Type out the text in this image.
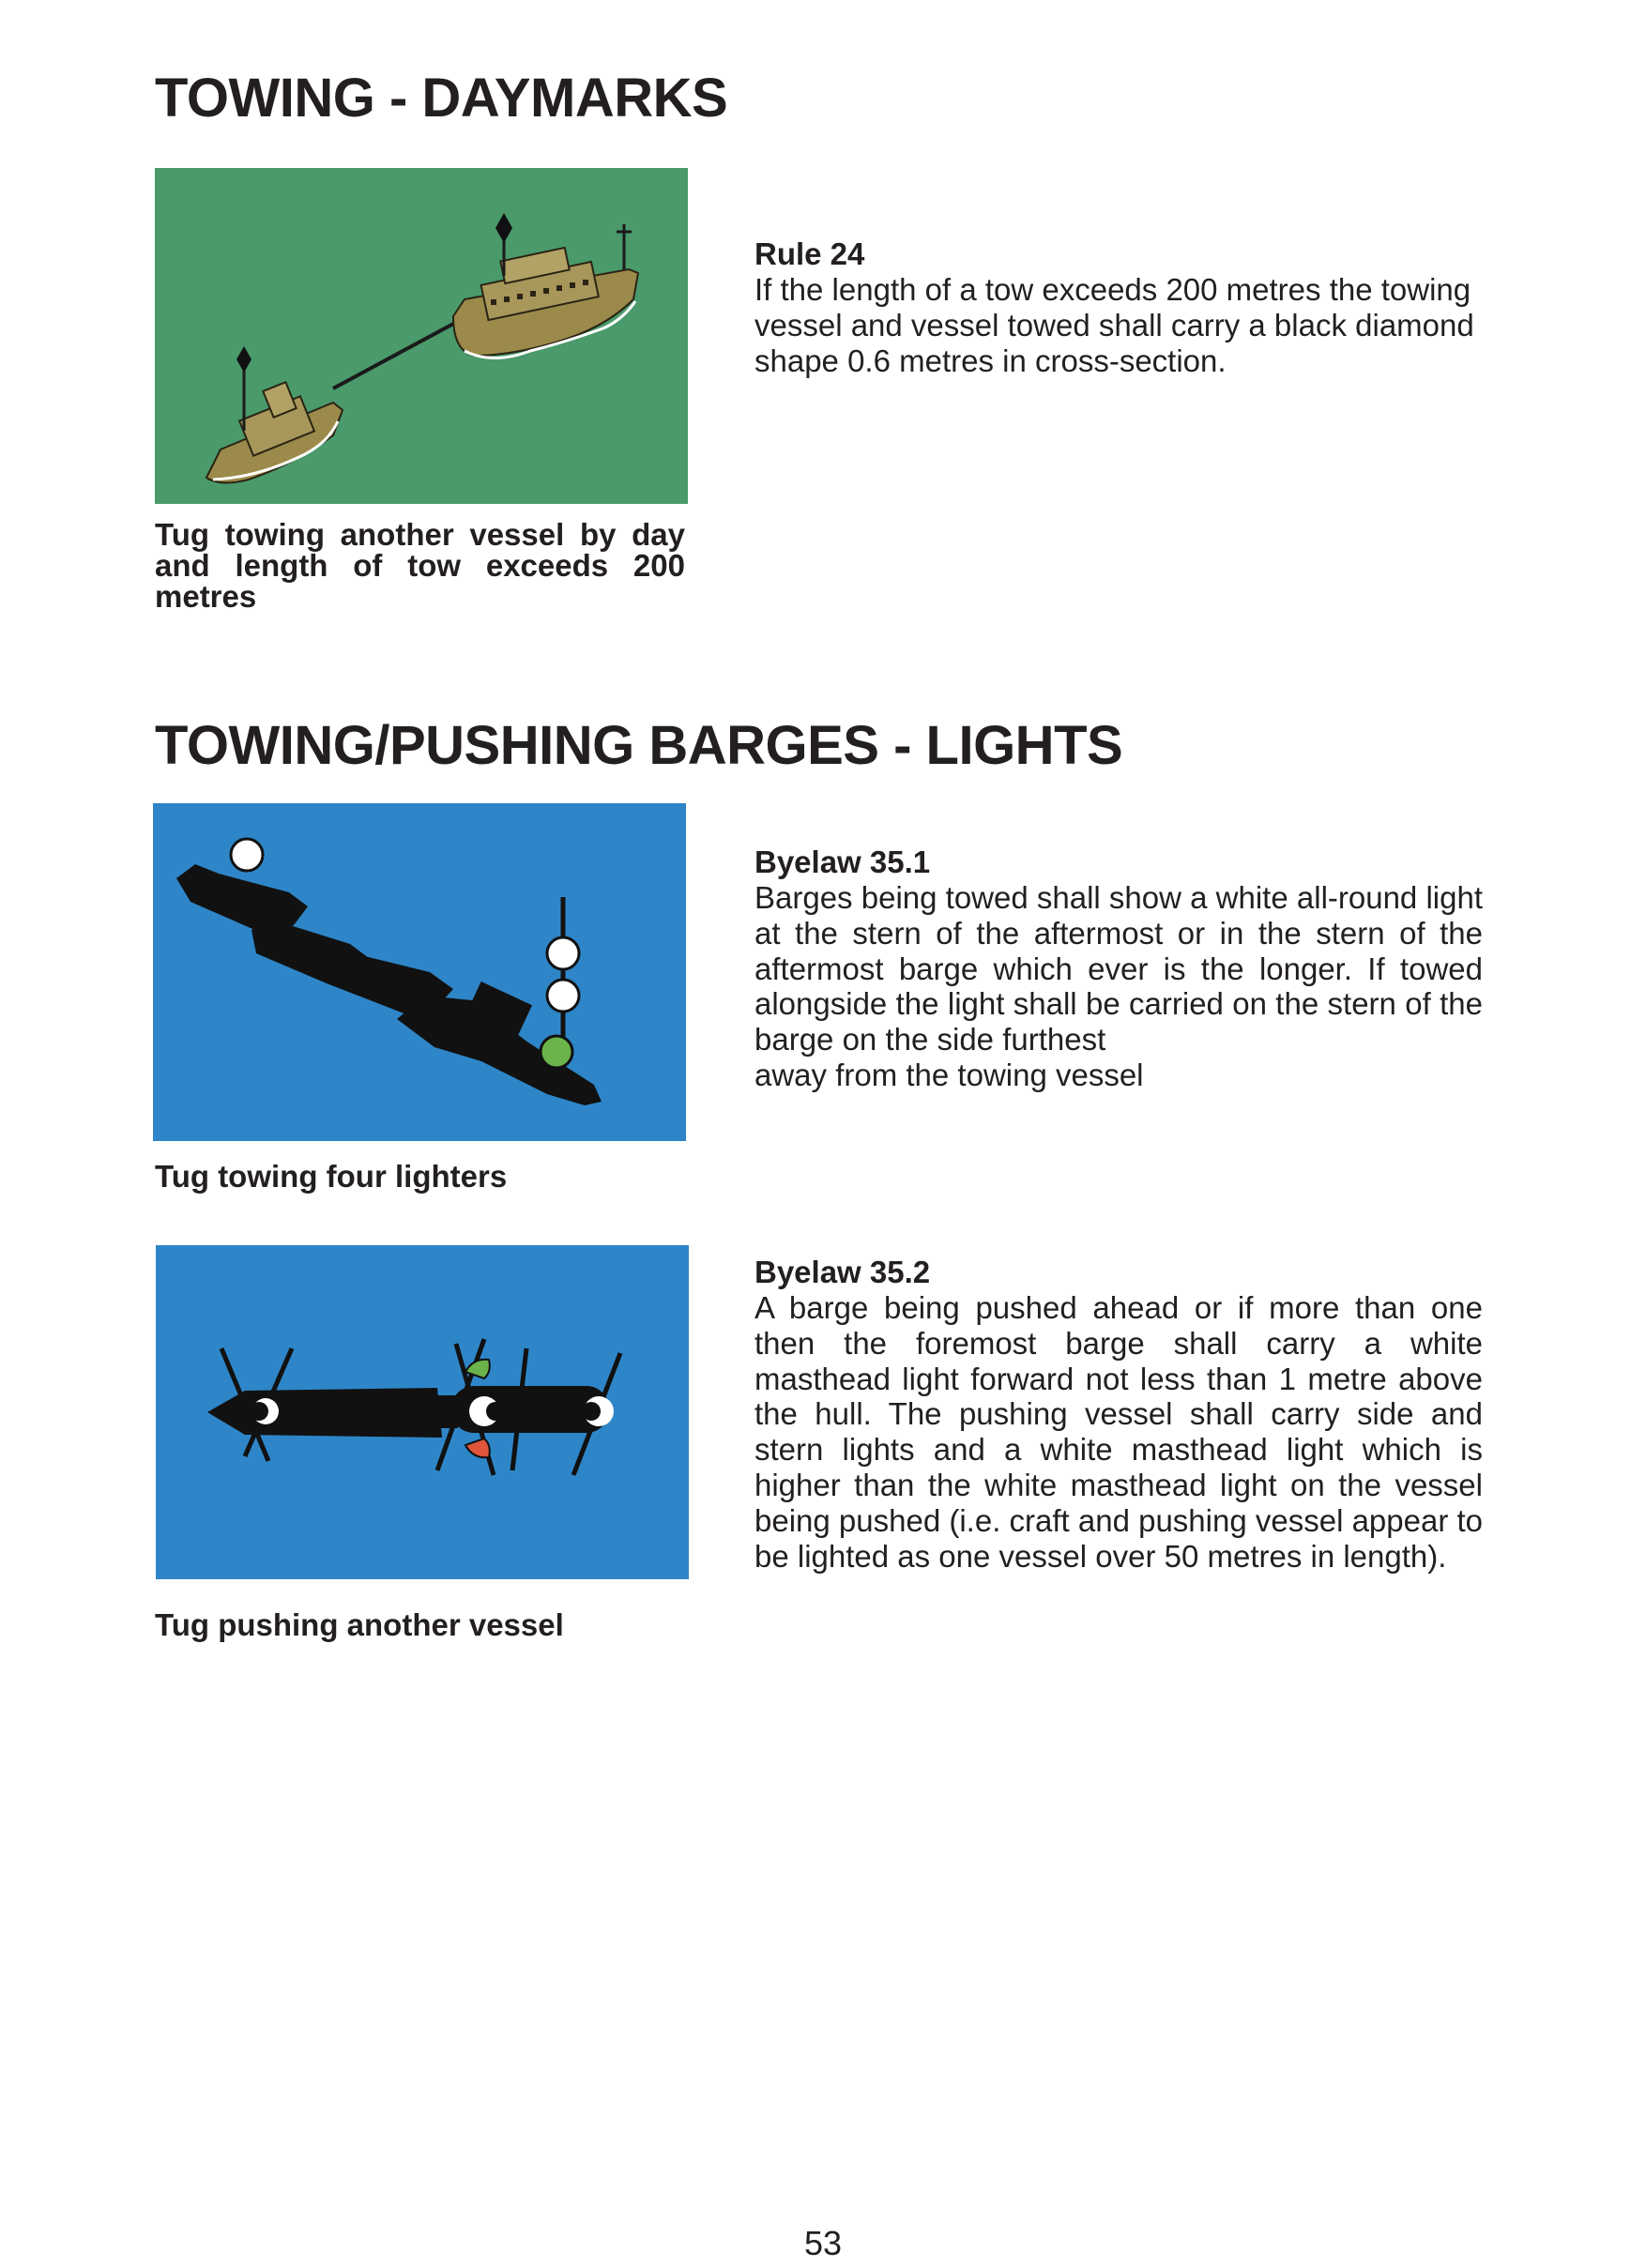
TOWING - DAYMARKS

Tug towing another vessel by day and length of tow exceeds 200 metres

Rule 24

If the length of a tow exceeds 200 metres the towing vessel and vessel towed shall carry a black diamond shape 0.6 metres in cross-section.

TOWING/PUSHING BARGES - LIGHTS

Tug towing four lighters

Byelaw 35.1

Barges being towed shall show a white all-round light at the stern of the aftermost or in the stern of the aftermost barge which ever is the longer. If towed alongside the light shall be carried on the stern of the barge on the side furthest

away from the towing vessel

Tug pushing another vessel

Byelaw 35.2

A barge being pushed ahead or if more than one then the foremost barge shall carry a white masthead light forward not less than 1 metre above the hull. The pushing vessel shall carry side and stern lights and a white masthead light which is higher than the white masthead light on the vessel being pushed (i.e. craft and pushing vessel appear to be lighted as one vessel over 50 metres in length).

53
